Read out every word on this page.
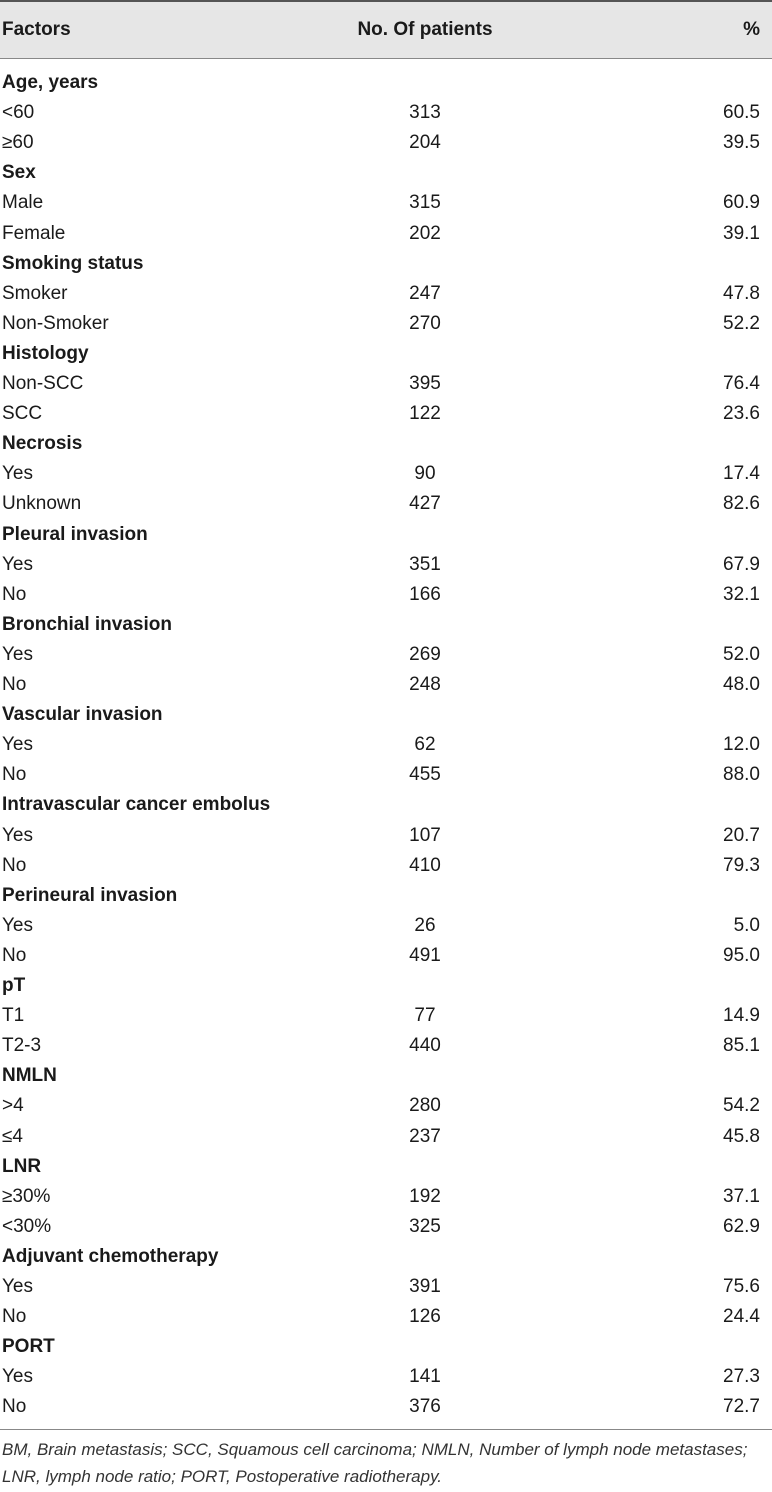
Factors	No. Of patients	%
Age, years
<60	313	60.5
≥60	204	39.5
Sex
Male	315	60.9
Female	202	39.1
Smoking status
Smoker	247	47.8
Non-Smoker	270	52.2
Histology
Non-SCC	395	76.4
SCC	122	23.6
Necrosis
Yes	90	17.4
Unknown	427	82.6
Pleural invasion
Yes	351	67.9
No	166	32.1
Bronchial invasion
Yes	269	52.0
No	248	48.0
Vascular invasion
Yes	62	12.0
No	455	88.0
Intravascular cancer embolus
Yes	107	20.7
No	410	79.3
Perineural invasion
Yes	26	5.0
No	491	95.0
pT
T1	77	14.9
T2-3	440	85.1
NMLN
>4	280	54.2
≤4	237	45.8
LNR
≥30%	192	37.1
<30%	325	62.9
Adjuvant chemotherapy
Yes	391	75.6
No	126	24.4
PORT
Yes	141	27.3
No	376	72.7
BM, Brain metastasis; SCC, Squamous cell carcinoma; NMLN, Number of lymph node metastases; LNR, lymph node ratio; PORT, Postoperative radiotherapy.
